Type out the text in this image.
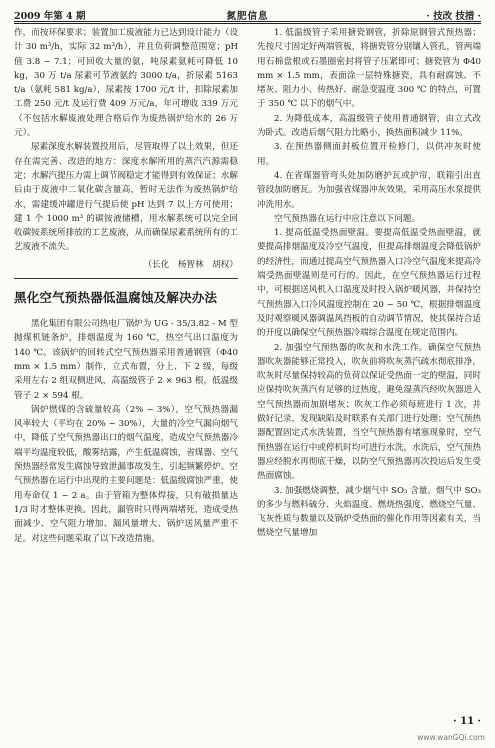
2009 年第 4 期	氮肥信息	· 技改 技措 ·

作，而按环保要求；装置加工废液能力已达到设计能力（设计 30 m³/h，实际 32 m³/h），并且负荷调整范围宽；pH 值 3.8 ~ 7.1；可回收大量的氨，吨尿素氨耗可降低 10 kg，30 万 t/a 尿素可节液氨约 3000 t/a，折尿素 5163 t/a（氨耗 581 kg/a），尿素按 1700 元/t 计，扣除尿素加工费 250 元/t 及运行费 409 万元/a，年可增收 339 万元（不包括水解废液处理合格后作为废热锅炉给水的 26 万元）。

尿素深度水解装置投用后，尽管取得了以上效果，但还存在需完善、改进的地方：深度水解所用的蒸汽汽源需稳定；水解汽提压力需上调节阀稳定才能得到有效保证；水解后由于废液中二氧化碳含量高，暂时无法作为废热锅炉给水，需建缓冲罐进行气提后使 pH 达到 7 以上方可使用；建 1 个 1000 m³ 的碳铵液储槽，用水解系统可以完全回收碳铵系统所排放的工艺废液，从而确保尿素系统所有的工艺废液不流失。

（长化　杨智林　胡权）

黑化空气预热器低温腐蚀及解决办法

黑化集团有限公司热电厂锅炉为 UG - 35/3.82 - M 型抛煤机链条炉，排烟温度为 160 ℃，热空气出口温度为 140 ℃。该锅炉的回转式空气预热器采用普通钢管（Φ40 mm × 1.5 mm）制作，立式布置，分上、下 2 级，每级采用左右 2 组双侧进风，高温级管子 2 × 963 根，低温级管子 2 × 594 根。

锅炉燃煤的含硫量较高（2% ~ 3%），空气预热器漏风率较大（平均在 20% ~ 30%），大量的冷空气漏向烟气中，降低了空气预热器出口的烟气温度，造成空气预热器冷端平均温度较低，酸雾结露，产生低温腐蚀，省煤器、空气预热器经常发生腐蚀导致泄漏事故发生，引起频繁停炉。空气预热器在运行中出现的主要问题是：低温级腐蚀严重，使用寿命仅 1 ~ 2 a。由于管箱为整体焊接，只有破损量达 1/3 时才整体更换。因此，漏管时只得两端堵死，造成受热面减少、空气阻力增加、漏风量增大、锅炉送风量严重不足。对这些问题采取了以下改造措施。

1. 低温级管子采用搪瓷钢管，折除原钢管式预热器；先按尺寸固定好两端管板，将搪瓷管分别镶入管孔，管两端用石棉盘根或石墨圈密封将管子压紧即可；搪瓷管为 Φ40 mm × 1.5 mm，表面涂一层特殊搪瓷，具有耐腐蚀、不堵灰、阻力小、传热好、耐急变温度 300 ℃ 的特点，可置于 350 ℃ 以下的烟气中。

2. 为降低成本，高温级管子使用普通钢管，由立式改为卧式。改造后烟气阻力比略小，换热面积减少 11%。

3. 在预热器侧面封板位置开检修门，以供冲灰时使用。

4. 在省煤器管弯头处加防磨护瓦或护帘，联箱引出直管段加防磨瓦。为加强省煤器冲灰效果，采用高压水泵提供冲洗用水。

空气预热器在运行中应注意以下问题。

1. 提高低温受热面壁温。要提高低温受热面壁温，就要提高排烟温度及冷空气温度，但提高排烟温度会降低锅炉的经济性，而通过提高空气预热器入口冷空气温度来提高冷端受热面壁温则是可行的。因此，在空气预热器运行过程中，可根据送风机入口温度及时投入锅炉暖风器，并保持空气预热器入口冷风温度控制在 20 ~ 50 ℃，根据排烟温度及时观察暖风器调温风挡板的自动调节情况，使其保持合适的开度以确保空气预热器冷端综合温度在规定范围内。

2. 加强空气预热器的吹灰和水洗工作。确保空气预热器吹灰器能够正常投入，吹灰前将吹灰蒸汽疏水彻底排净，吹灰时尽量保持较高的负荷以保证受热面一定的壁温，同时应保持吹灰蒸汽有足够的过热度，避免湿蒸汽经吹灰器进入空气预热器而加剧堵灰；吹灰工作必须每班进行 1 次，并做好记录，发现缺陷及时联系有关部门进行处理；空气预热器配置固定式水洗装置，当空气预热器有堵塞现象时，空气预热器在运行中或停机时均可进行水洗，水洗后，空气预热器应经脱水再彻底干燥，以防空气预热器再次投运后发生受热面腐蚀。

3. 加强燃烧调整，减少烟气中 SO₃ 含量。烟气中 SO₃ 的多少与燃料硫分、火焰温度、燃烧热强度、燃烧空气量、飞灰性质与数量以及锅炉受热面的催化作用等因素有关，当燃烧空气量增加

· 11 ·
www.wanGQi.com
